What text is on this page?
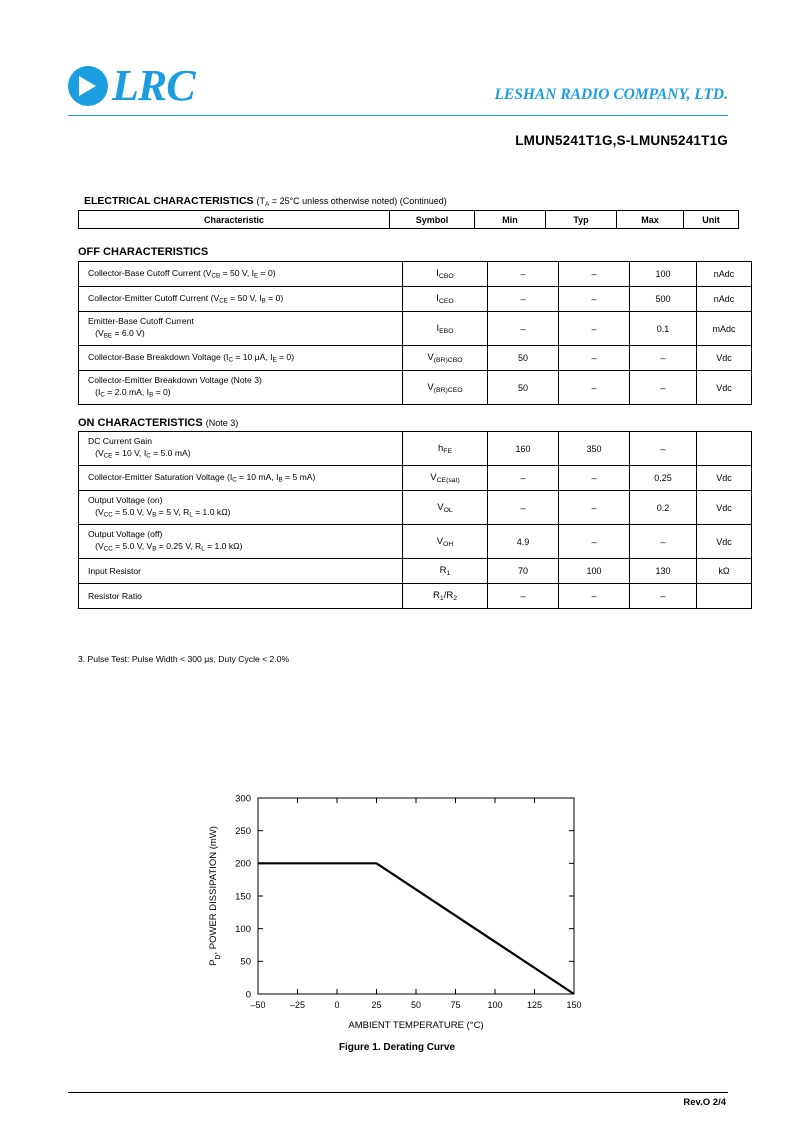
LRC	LESHAN RADIO COMPANY, LTD.
LMUN5241T1G,S-LMUN5241T1G
ELECTRICAL CHARACTERISTICS ($T_A = 25^\circ C$ unless otherwise noted) (Continued)
Characteristic	Symbol	Min	Typ	Max	Unit
OFF CHARACTERISTICS
Collector-Base Cutoff Current ($V_{CB} = 50$ V, $I_E = 0$)	$I_{CBO}$	–	–	100	nAdc
Collector-Emitter Cutoff Current ($V_{CE} = 50$ V, $I_B = 0$)	$I_{CEO}$	–	–	500	nAdc
Emitter-Base Cutoff Current
($V_{BE} = 6.0$ V)	$I_{EBO}$	–	–	0.1	mAdc
Collector-Base Breakdown Voltage ($I_C = 10$ μA, $I_E = 0$)	$V_{(BR)CBO}$	50	–	–	Vdc
Collector-Emitter Breakdown Voltage (Note 3)
($I_C = 2.0$ mA, $I_B = 0$)	$V_{(BR)CEO}$	50	–	–	Vdc
ON CHARACTERISTICS (Note 3)
DC Current Gain
($V_{CE} = 10$ V, $I_C = 5.0$ mA)	$h_{FE}$	160	350	–	
Collector-Emitter Saturation Voltage ($I_C = 10$ mA, $I_B = 5$ mA)	$V_{CE(sat)}$	–	–	0.25	Vdc
Output Voltage (on)
($V_{CC} = 5.0$ V, $V_B = 5$ V, $R_L = 1.0$ kΩ)	$V_{OL}$	–	–	0.2	Vdc
Output Voltage (off)
($V_{CC} = 5.0$ V, $V_B = 0.25$ V, $R_L = 1.0$ kΩ)	$V_{OH}$	4.9	–	–	Vdc
Input Resistor	$R_1$	70	100	130	kΩ
Resistor Ratio	$R_1/R_2$	–	–	–	
3. Pulse Test: Pulse Width < 300 μs, Duty Cycle < 2.0%
–50	–25	0	25	50	75	100	125	150
0
50
100
150
200
250
300
AMBIENT TEMPERATURE (°C)
$P_D$, POWER DISSIPATION (mW)
Figure 1. Derating Curve
Rev.O 2/4
